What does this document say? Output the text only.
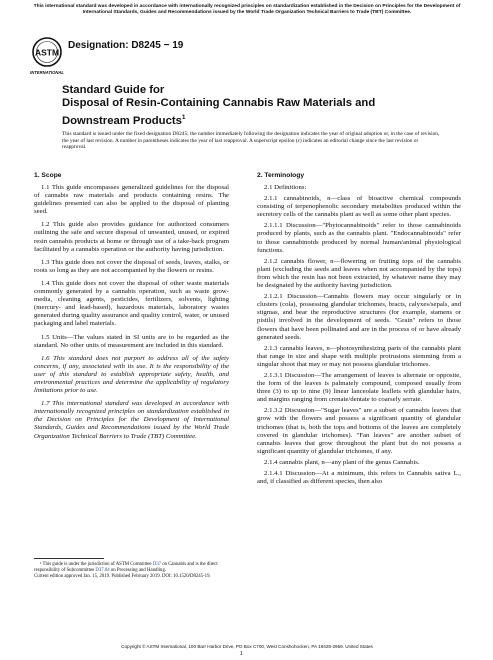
This international standard was developed in accordance with internationally recognized principles on standardization established in the Decision on Principles for the Development of International Standards, Guides and Recommendations issued by the World Trade Organization Technical Barriers to Trade (TBT) Committee.

ASTM
INTERNATIONAL
Designation: D8245 − 19
Standard Guide for
Disposal of Resin-Containing Cannabis Raw Materials and
Downstream Products$^1$

This standard is issued under the fixed designation D8245; the number immediately following the designation indicates the year of original adoption or, in the case of revision, the year of last revision. A number in parentheses indicates the year of last reapproval. A superscript epsilon (ε) indicates an editorial change since the last revision or reapproval.

1. Scope

1.1 This guide encompasses generalized guidelines for the disposal of cannabis raw materials and products containing resins. The guidelines presented can also be applied to the disposal of planting seed.

1.2 This guide also provides guidance for authorized consumers outlining the safe and secure disposal of unwanted, unused, or expired resin cannabis products at home or through use of a take-back program facilitated by a cannabis operation or the authority having jurisdiction.

1.3 This guide does not cover the disposal of seeds, leaves, stalks, or roots so long as they are not accompanied by the flowers or resins.

1.4 This guide does not cover the disposal of other waste materials commonly generated by a cannabis operation, such as waste grow-media, cleaning agents, pesticides, fertilizers, solvents, lighting (mercury- and lead-based), hazardous materials, laboratory wastes generated during quality assurance and quality control, water, or unused packaging and label materials.

1.5 Units—The values stated in SI units are to be regarded as the standard. No other units of measurement are included in this standard.

1.6 This standard does not purport to address all of the safety concerns, if any, associated with its use. It is the responsibility of the user of this standard to establish appropriate safety, health, and environmental practices and determine the applicability of regulatory limitations prior to use.

1.7 This international standard was developed in accordance with internationally recognized principles on standardization established in the Decision on Principles for the Development of International Standards, Guides and Recommendations issued by the World Trade Organization Technical Barriers to Trade (TBT) Committee.

¹ This guide is under the jurisdiction of ASTM Committee D37 on Cannabis and is the direct responsibility of Subcommittee D37.04 on Processing and Handling.
Current edition approved Jan. 15, 2019. Published February 2019. DOI: 10.1520/D8245-19.

2. Terminology

2.1 Definitions:

2.1.1 cannabinoids, n—class of bioactive chemical compounds consisting of terpenophenolic secondary metabolites produced within the secretory cells of the cannabis plant as well as some other plant species.

2.1.1.1 Discussion—"Phytocannabinoids" refer to those cannabinoids produced by plants, such as the cannabis plant. "Endocannabinoids" refer to those cannabinoids produced by normal human/animal physiological functions.

2.1.2 cannabis flower, n—flowering or fruiting tops of the cannabis plant (excluding the seeds and leaves when not accompanied by the tops) from which the resin has not been extracted, by whatever name they may be designated by the authority having jurisdiction.

2.1.2.1 Discussion—Cannabis flowers may occur singularly or in clusters (cola), possessing glandular trichomes, bracts, calyxes/sepals, and stigmas, and bear the reproductive structures (for example, stamens or pistils) involved in the development of seeds. "Grain" refers to those flowers that have been pollinated and are in the process of or have already generated seeds.

2.1.3 cannabis leaves, n—photosynthesizing parts of the cannabis plant that range in size and shape with multiple protrusions stemming from a singular shoot that may or may not possess glandular trichomes.

2.1.3.1 Discussion—The arrangement of leaves is alternate or opposite, the form of the leaves is palmately compound, composed usually from three (3) to up to nine (9) linear lanceolate leaflets with glandular hairs, and margins ranging from crenate/dentate to coarsely serrate.

2.1.3.2 Discussion—"Sugar leaves" are a subset of cannabis leaves that grow with the flowers and possess a significant quantity of glandular trichomes (that is, both the tops and bottoms of the leaves are completely covered in glandular trichomes). "Fan leaves" are another subset of cannabis leaves that grow throughout the plant but do not possess a significant quantity of glandular trichomes, if any.

2.1.4 cannabis plant, n—any plant of the genus Cannabis.

2.1.4.1 Discussion—At a minimum, this refers to Cannabis sativa L., and, if classified as different species, then also

Copyright © ASTM International, 100 Barr Harbor Drive, PO Box C700, West Conshohocken, PA 19428-2959. United States

1
